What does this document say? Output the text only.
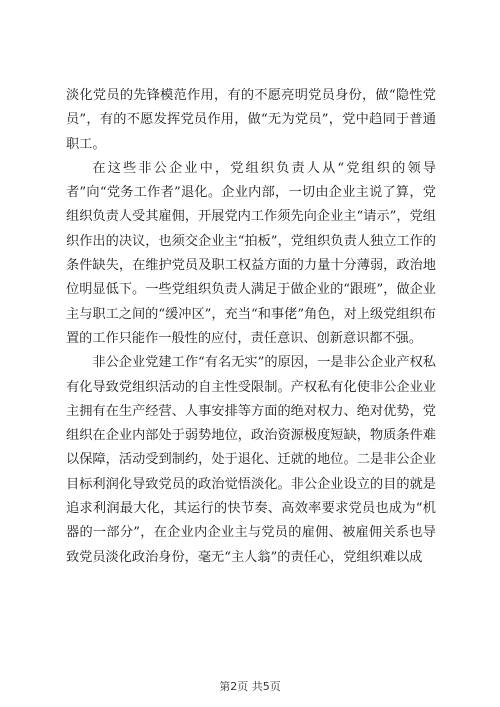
淡化党员的先锋模范作用，有的不愿亮明党员身份，做“隐性党员”，有的不愿发挥党员作用，做“无为党员”，党中趋同于普通职工。

在这些非公企业中，党组织负责人从“党组织的领导者”向“党务工作者”退化。企业内部，一切由企业主说了算，党组织负责人受其雇佣，开展党内工作须先向企业主“请示”，党组织作出的决议，也须交企业主“拍板”，党组织负责人独立工作的条件缺失，在维护党员及职工权益方面的力量十分薄弱，政治地位明显低下。一些党组织负责人满足于做企业的“跟班”，做企业主与职工之间的“缓冲区”，充当“和事佬”角色，对上级党组织布置的工作只能作一般性的应付，责任意识、创新意识都不强。

非公企业党建工作“有名无实”的原因，一是非公企业产权私有化导致党组织活动的自主性受限制。产权私有化使非公企业业主拥有在生产经营、人事安排等方面的绝对权力、绝对优势，党组织在企业内部处于弱势地位，政治资源极度短缺，物质条件难以保障，活动受到制约，处于退化、迁就的地位。二是非公企业目标利润化导致党员的政治觉悟淡化。非公企业设立的目的就是追求利润最大化，其运行的快节奏、高效率要求党员也成为“机器的一部分”，在企业内企业主与党员的雇佣、被雇佣关系也导致党员淡化政治身份，毫无“主人翁”的责任心，党组织难以成

第2页 共5页
